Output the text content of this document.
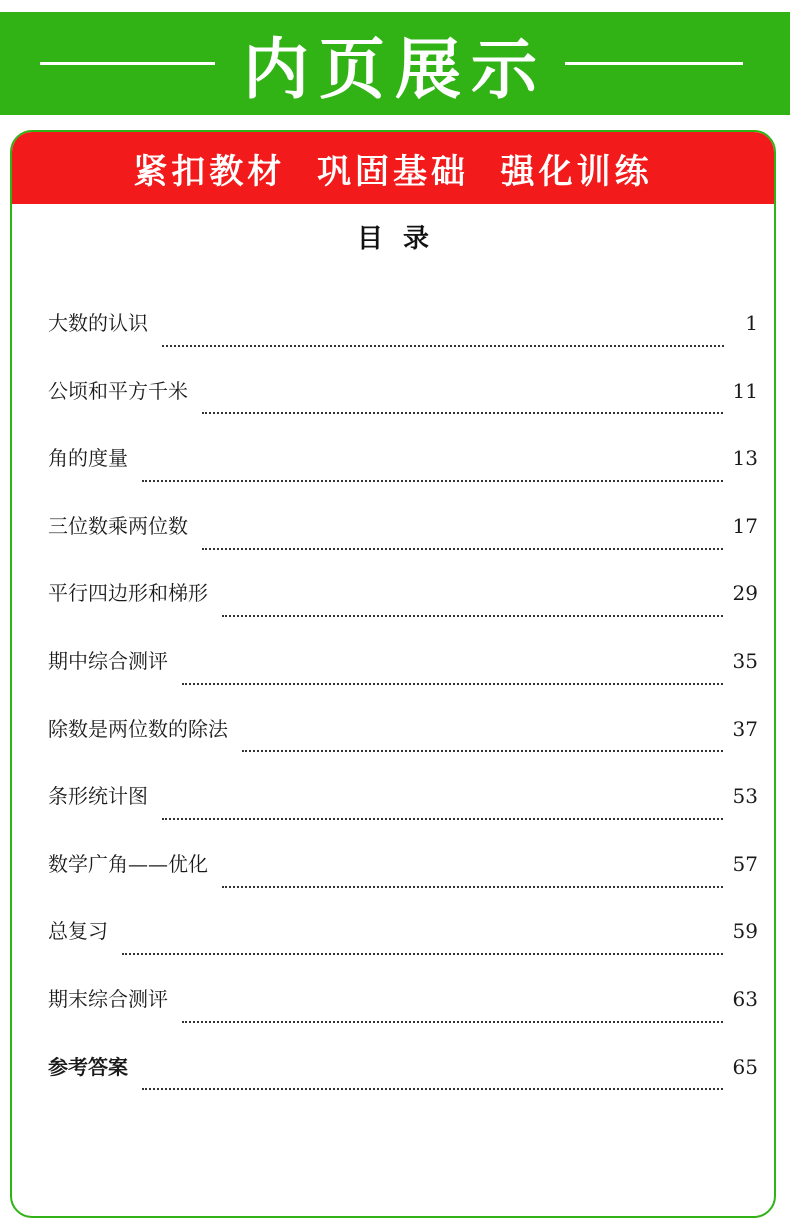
内页展示
紧扣教材  巩固基础  强化训练
目录
大数的认识	1
公顷和平方千米	11
角的度量	13
三位数乘两位数	17
平行四边形和梯形	29
期中综合测评	35
除数是两位数的除法	37
条形统计图	53
数学广角——优化	57
总复习	59
期末综合测评	63
参考答案	65
